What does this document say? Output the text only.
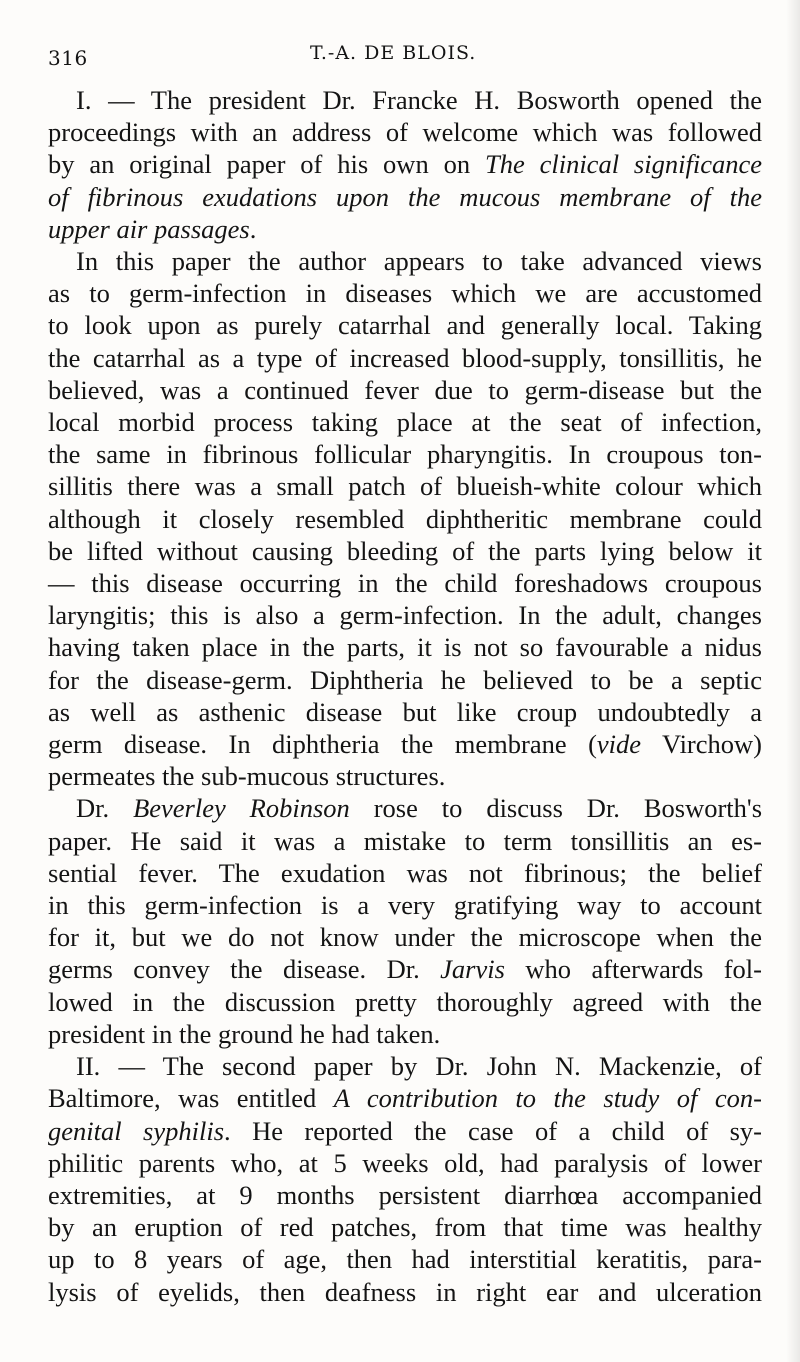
316	T.-A. DE BLOIS.
I. — The president Dr. Francke H. Bosworth opened the
proceedings with an address of welcome which was followed
by an original paper of his own on The clinical significance
of fibrinous exudations upon the mucous membrane of the
upper air passages.
In this paper the author appears to take advanced views
as to germ-infection in diseases which we are accustomed
to look upon as purely catarrhal and generally local. Taking
the catarrhal as a type of increased blood-supply, tonsillitis, he
believed, was a continued fever due to germ-disease but the
local morbid process taking place at the seat of infection,
the same in fibrinous follicular pharyngitis. In croupous ton-
sillitis there was a small patch of blueish-white colour which
although it closely resembled diphtheritic membrane could
be lifted without causing bleeding of the parts lying below it
— this disease occurring in the child foreshadows croupous
laryngitis; this is also a germ-infection. In the adult, changes
having taken place in the parts, it is not so favourable a nidus
for the disease-germ. Diphtheria he believed to be a septic
as well as asthenic disease but like croup undoubtedly a
germ disease. In diphtheria the membrane (vide Virchow)
permeates the sub-mucous structures.
Dr. Beverley Robinson rose to discuss Dr. Bosworth's
paper. He said it was a mistake to term tonsillitis an es-
sential fever. The exudation was not fibrinous; the belief
in this germ-infection is a very gratifying way to account
for it, but we do not know under the microscope when the
germs convey the disease. Dr. Jarvis who afterwards fol-
lowed in the discussion pretty thoroughly agreed with the
president in the ground he had taken.
II. — The second paper by Dr. John N. Mackenzie, of
Baltimore, was entitled A contribution to the study of con-
genital syphilis. He reported the case of a child of sy-
philitic parents who, at 5 weeks old, had paralysis of lower
extremities, at 9 months persistent diarrhœa accompanied
by an eruption of red patches, from that time was healthy
up to 8 years of age, then had interstitial keratitis, para-
lysis of eyelids, then deafness in right ear and ulceration
